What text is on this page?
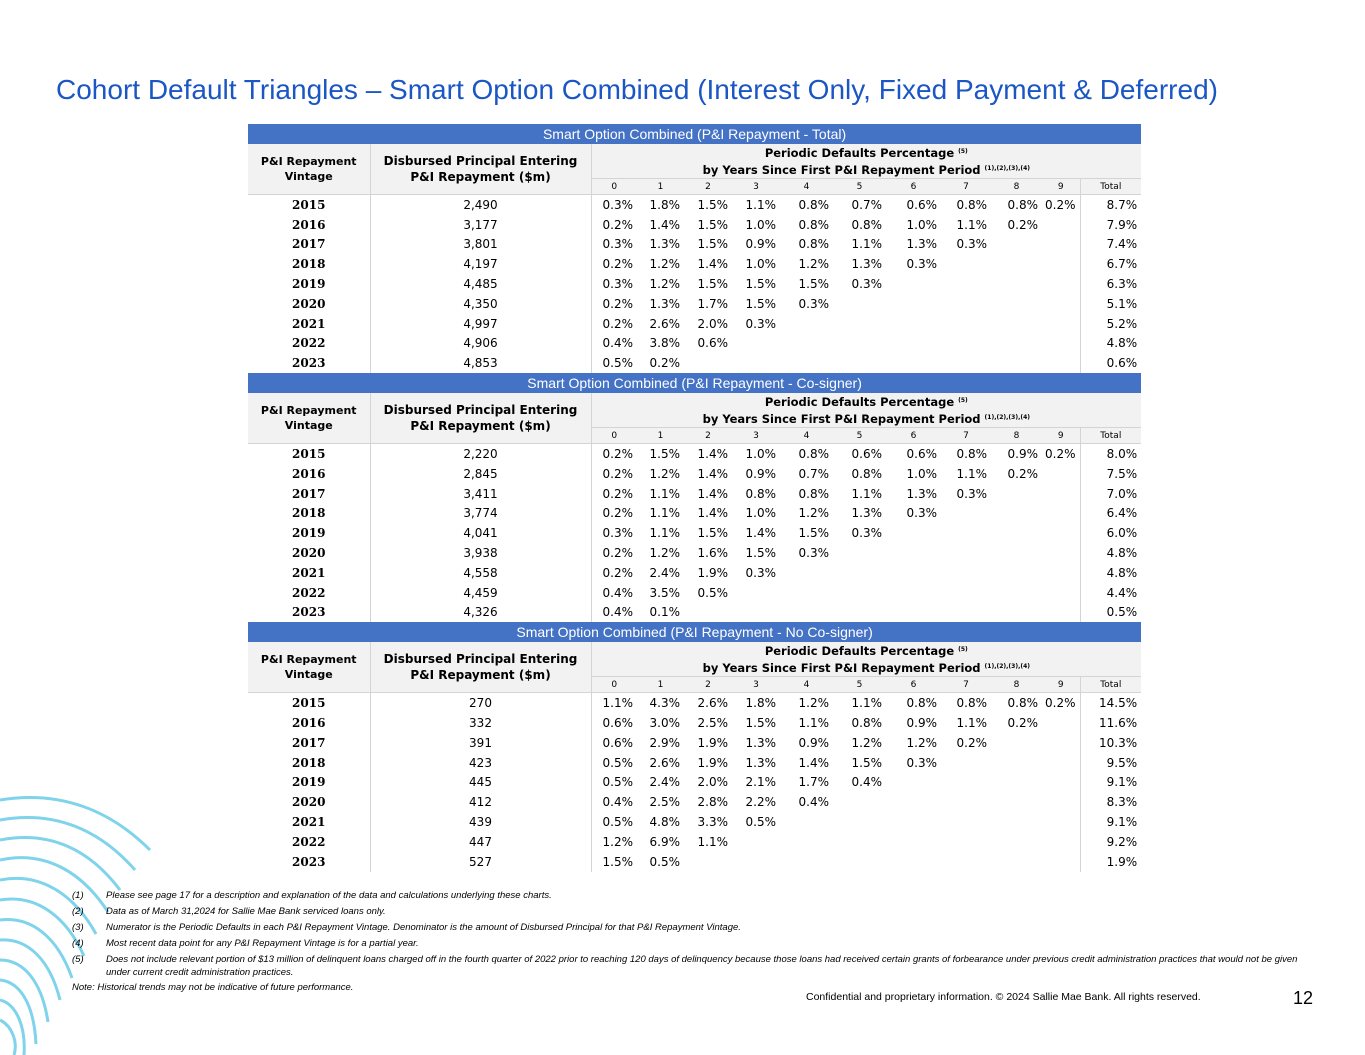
Cohort Default Triangles – Smart Option Combined (Interest Only, Fixed Payment & Deferred)
Smart Option Combined (P&I Repayment - Total)												
P&I Repayment Vintage	Disbursed Principal Entering P&I Repayment ($m)	Periodic Defaults Percentage $^{(5)}$
by Years Since First P&I Repayment Period $^{(1),(2),(3),(4)}$
		0	1	2	3	4	5	6	7	8	9	Total
2015	2,490	0.3%	1.8%	1.5%	1.1%	0.8%	0.7%	0.6%	0.8%	0.8%	0.2%	8.7%
2016	3,177	0.2%	1.4%	1.5%	1.0%	0.8%	0.8%	1.0%	1.1%	0.2%		7.9%
2017	3,801	0.3%	1.3%	1.5%	0.9%	0.8%	1.1%	1.3%	0.3%			7.4%
2018	4,197	0.2%	1.2%	1.4%	1.0%	1.2%	1.3%	0.3%				6.7%
2019	4,485	0.3%	1.2%	1.5%	1.5%	1.5%	0.3%					6.3%
2020	4,350	0.2%	1.3%	1.7%	1.5%	0.3%						5.1%
2021	4,997	0.2%	2.6%	2.0%	0.3%							5.2%
2022	4,906	0.4%	3.8%	0.6%								4.8%
2023	4,853	0.5%	0.2%									0.6%
Smart Option Combined (P&I Repayment - Co-signer)												
P&I Repayment Vintage	Disbursed Principal Entering P&I Repayment ($m)	Periodic Defaults Percentage $^{(5)}$
by Years Since First P&I Repayment Period $^{(1),(2),(3),(4)}$
		0	1	2	3	4	5	6	7	8	9	Total
2015	2,220	0.2%	1.5%	1.4%	1.0%	0.8%	0.6%	0.6%	0.8%	0.9%	0.2%	8.0%
2016	2,845	0.2%	1.2%	1.4%	0.9%	0.7%	0.8%	1.0%	1.1%	0.2%		7.5%
2017	3,411	0.2%	1.1%	1.4%	0.8%	0.8%	1.1%	1.3%	0.3%			7.0%
2018	3,774	0.2%	1.1%	1.4%	1.0%	1.2%	1.3%	0.3%				6.4%
2019	4,041	0.3%	1.1%	1.5%	1.4%	1.5%	0.3%					6.0%
2020	3,938	0.2%	1.2%	1.6%	1.5%	0.3%						4.8%
2021	4,558	0.2%	2.4%	1.9%	0.3%							4.8%
2022	4,459	0.4%	3.5%	0.5%								4.4%
2023	4,326	0.4%	0.1%									0.5%
Smart Option Combined (P&I Repayment - No Co-signer)												
P&I Repayment Vintage	Disbursed Principal Entering P&I Repayment ($m)	Periodic Defaults Percentage $^{(5)}$
by Years Since First P&I Repayment Period $^{(1),(2),(3),(4)}$
		0	1	2	3	4	5	6	7	8	9	Total
2015	270	1.1%	4.3%	2.6%	1.8%	1.2%	1.1%	0.8%	0.8%	0.8%	0.2%	14.5%
2016	332	0.6%	3.0%	2.5%	1.5%	1.1%	0.8%	0.9%	1.1%	0.2%		11.6%
2017	391	0.6%	2.9%	1.9%	1.3%	0.9%	1.2%	1.2%	0.2%			10.3%
2018	423	0.5%	2.6%	1.9%	1.3%	1.4%	1.5%	0.3%				9.5%
2019	445	0.5%	2.4%	2.0%	2.1%	1.7%	0.4%					9.1%
2020	412	0.4%	2.5%	2.8%	2.2%	0.4%						8.3%
2021	439	0.5%	4.8%	3.3%	0.5%							9.1%
2022	447	1.2%	6.9%	1.1%								9.2%
2023	527	1.5%	0.5%									1.9%
(1)	Please see page 17 for a description and explanation of the data and calculations underlying these charts.
(2)	Data as of March 31,2024 for Sallie Mae Bank serviced loans only.
(3)	Numerator is the Periodic Defaults in each P&I Repayment Vintage. Denominator is the amount of Disbursed Principal for that P&I Repayment Vintage.
(4)	Most recent data point for any P&I Repayment Vintage is for a partial year.
(5)	Does not include relevant portion of $13 million of delinquent loans charged off in the fourth quarter of 2022 prior to reaching 120 days of delinquency because those loans had received certain grants of forbearance under previous credit administration practices that would not be given under current credit administration practices.
Note: Historical trends may not be indicative of future performance.
Confidential and proprietary information. © 2024 Sallie Mae Bank. All rights reserved.	12
